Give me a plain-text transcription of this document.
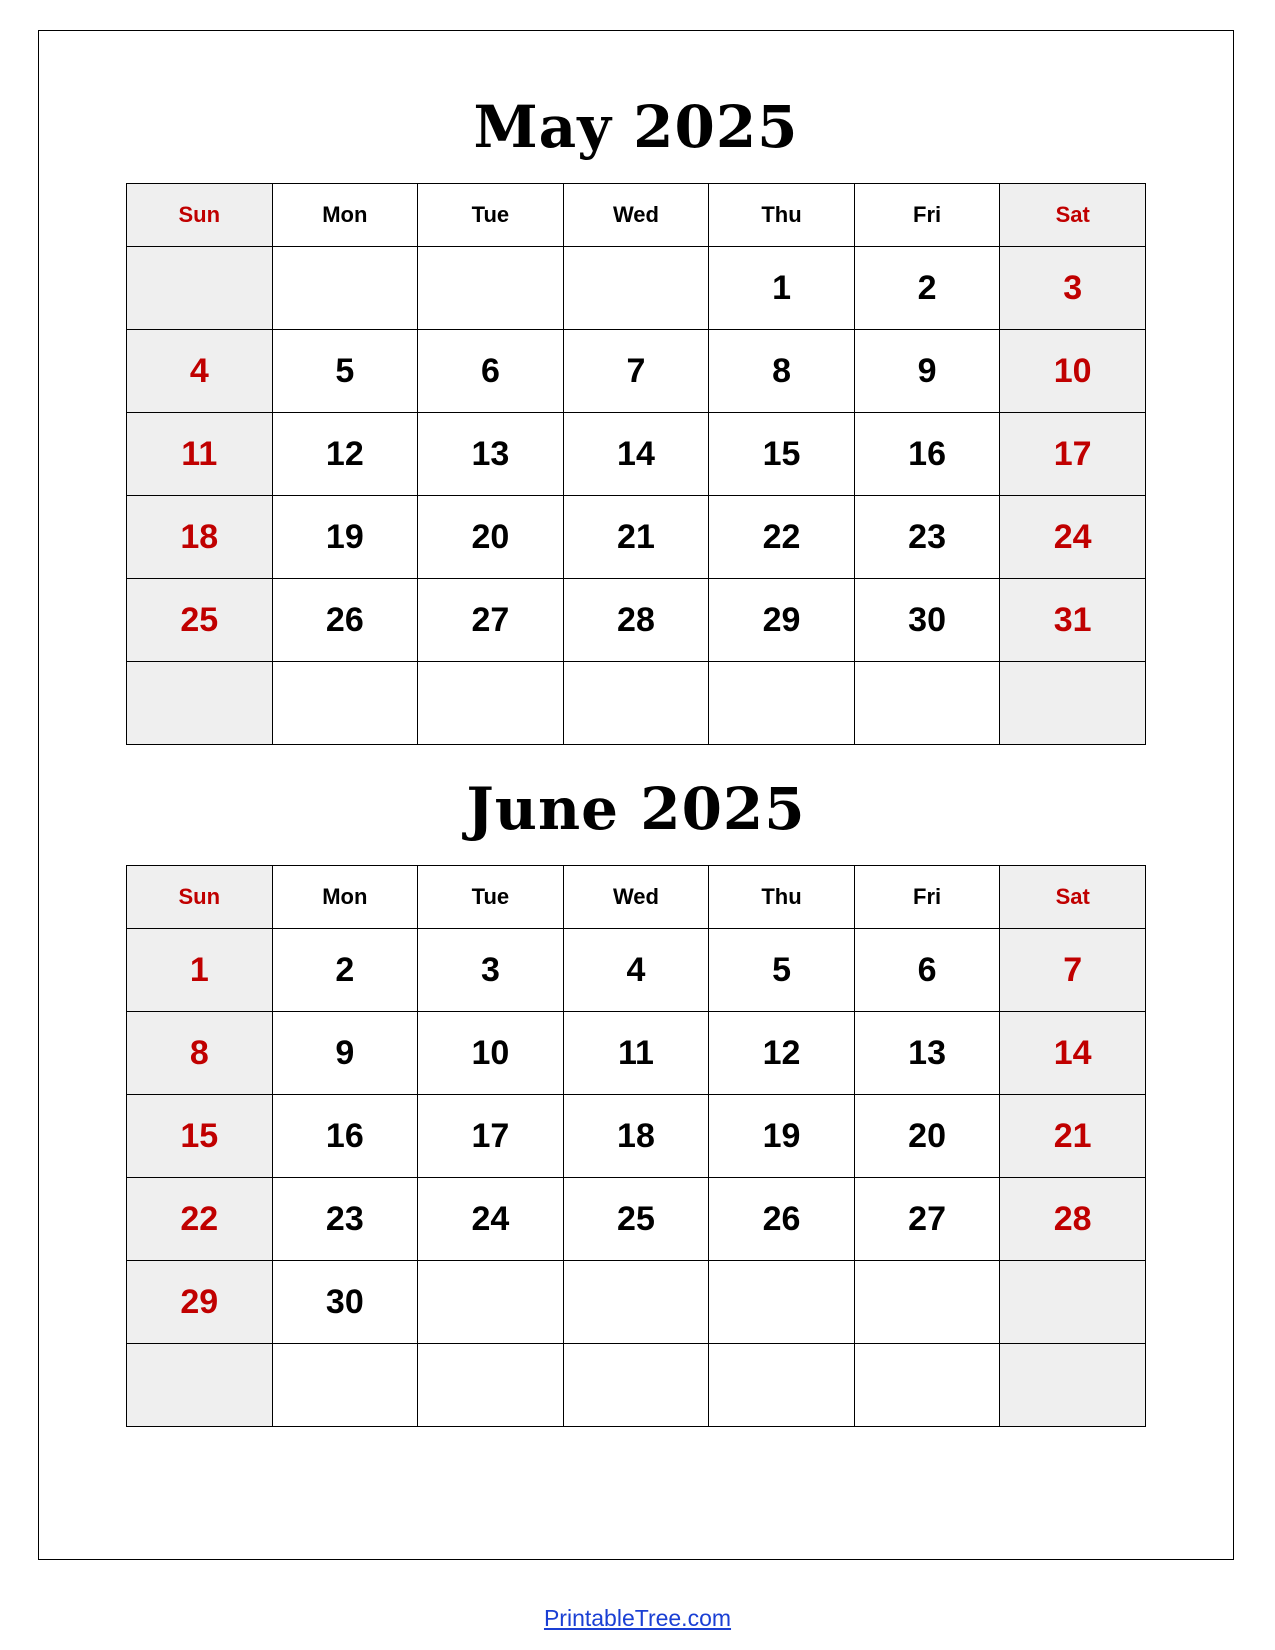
May 2025
Sun	Mon	Tue	Wed	Thu	Fri	Sat
				1	2	3
4	5	6	7	8	9	10
11	12	13	14	15	16	17
18	19	20	21	22	23	24
25	26	27	28	29	30	31

June 2025
Sun	Mon	Tue	Wed	Thu	Fri	Sat
1	2	3	4	5	6	7
8	9	10	11	12	13	14
15	16	17	18	19	20	21
22	23	24	25	26	27	28
29	30					

PrintableTree.com
